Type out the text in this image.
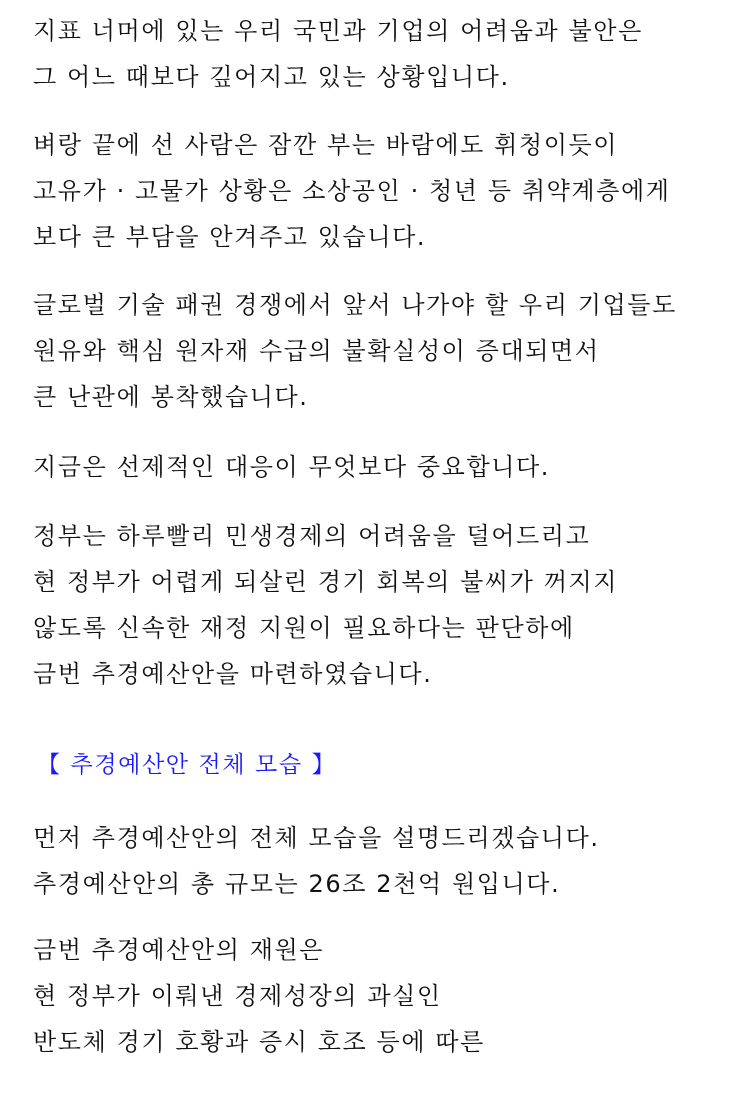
지표 너머에 있는 우리 국민과 기업의 어려움과 불안은
그 어느 때보다 깊어지고 있는 상황입니다.

벼랑 끝에 선 사람은 잠깐 부는 바람에도 휘청이듯이
고유가 · 고물가 상황은 소상공인 · 청년 등 취약계층에게
보다 큰 부담을 안겨주고 있습니다.

글로벌 기술 패권 경쟁에서 앞서 나가야 할 우리 기업들도
원유와 핵심 원자재 수급의 불확실성이 증대되면서
큰 난관에 봉착했습니다.

지금은 선제적인 대응이 무엇보다 중요합니다.

정부는 하루빨리 민생경제의 어려움을 덜어드리고
현 정부가 어렵게 되살린 경기 회복의 불씨가 꺼지지
않도록 신속한 재정 지원이 필요하다는 판단하에
금번 추경예산안을 마련하였습니다.

【 추경예산안 전체 모습 】

먼저 추경예산안의 전체 모습을 설명드리겠습니다.
추경예산안의 총 규모는 26조 2천억 원입니다.

금번 추경예산안의 재원은
현 정부가 이뤄낸 경제성장의 과실인
반도체 경기 호황과 증시 호조 등에 따른
